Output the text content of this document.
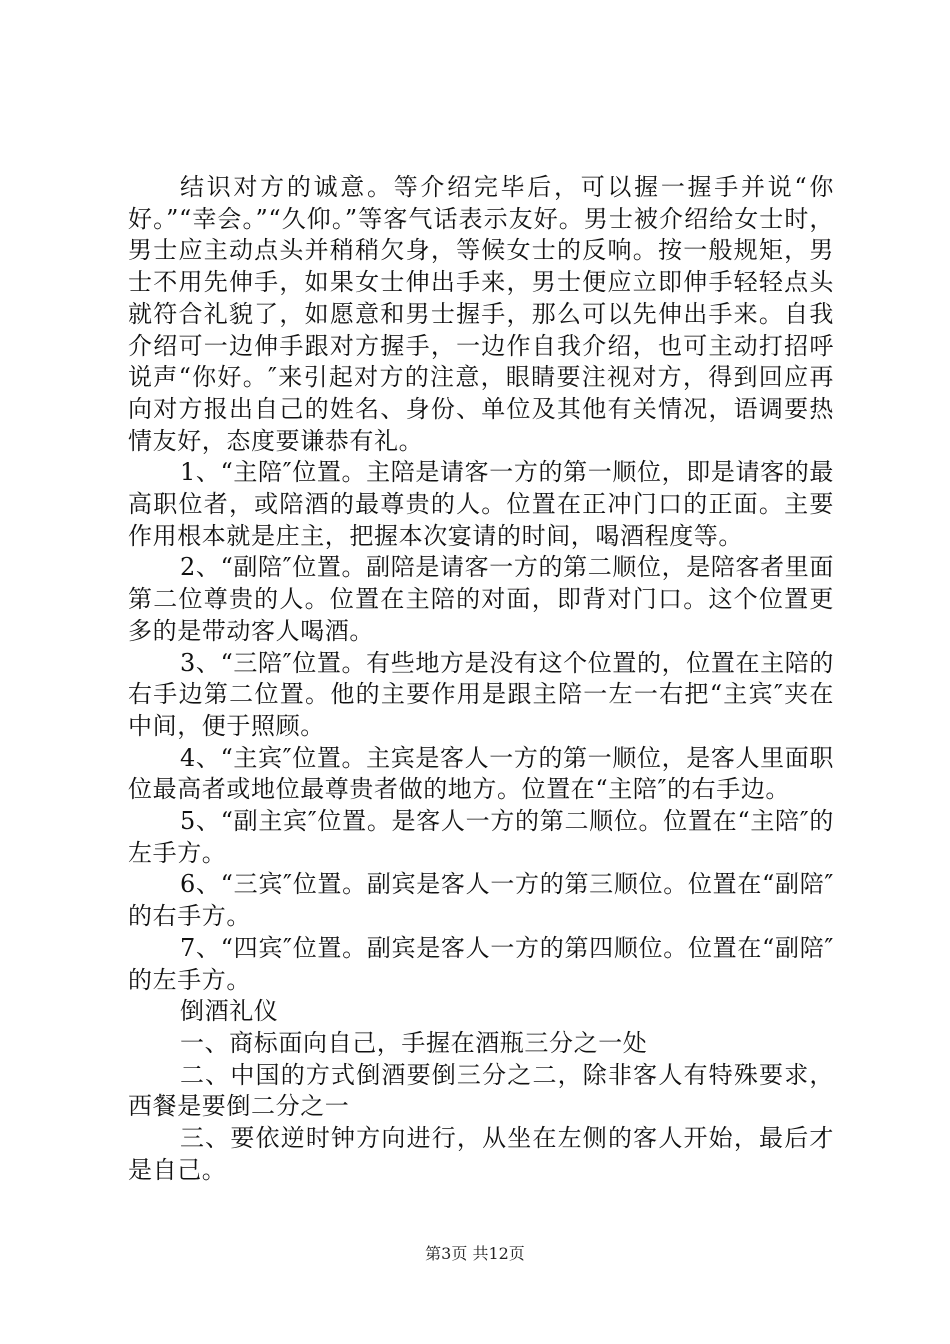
结识对方的诚意。等介绍完毕后，可以握一握手并说“你好。”“幸会。”“久仰。”等客气话表示友好。男士被介绍给女士时，男士应主动点头并稍稍欠身，等候女士的反响。按一般规矩，男士不用先伸手，如果女士伸出手来，男士便应立即伸手轻轻点头就符合礼貌了，如愿意和男士握手，那么可以先伸出手来。自我介绍可一边伸手跟对方握手，一边作自我介绍，也可主动打招呼说声“你好。″来引起对方的注意，眼睛要注视对方，得到回应再向对方报出自己的姓名、身份、单位及其他有关情况，语调要热情友好，态度要谦恭有礼。

1、“主陪″位置。主陪是请客一方的第一顺位，即是请客的最高职位者，或陪酒的最尊贵的人。位置在正冲门口的正面。主要作用根本就是庄主，把握本次宴请的时间，喝酒程度等。

2、“副陪″位置。副陪是请客一方的第二顺位，是陪客者里面第二位尊贵的人。位置在主陪的对面，即背对门口。这个位置更多的是带动客人喝酒。

3、“三陪″位置。有些地方是没有这个位置的，位置在主陪的右手边第二位置。他的主要作用是跟主陪一左一右把“主宾″夹在中间，便于照顾。

4、“主宾″位置。主宾是客人一方的第一顺位，是客人里面职位最高者或地位最尊贵者做的地方。位置在“主陪″的右手边。

5、“副主宾″位置。是客人一方的第二顺位。位置在“主陪″的左手方。

6、“三宾″位置。副宾是客人一方的第三顺位。位置在“副陪″的右手方。

7、“四宾″位置。副宾是客人一方的第四顺位。位置在“副陪″的左手方。

倒酒礼仪

一、商标面向自己，手握在酒瓶三分之一处

二、中国的方式倒酒要倒三分之二，除非客人有特殊要求，西餐是要倒二分之一

三、要依逆时钟方向进行，从坐在左侧的客人开始，最后才是自己。

第3页 共12页
